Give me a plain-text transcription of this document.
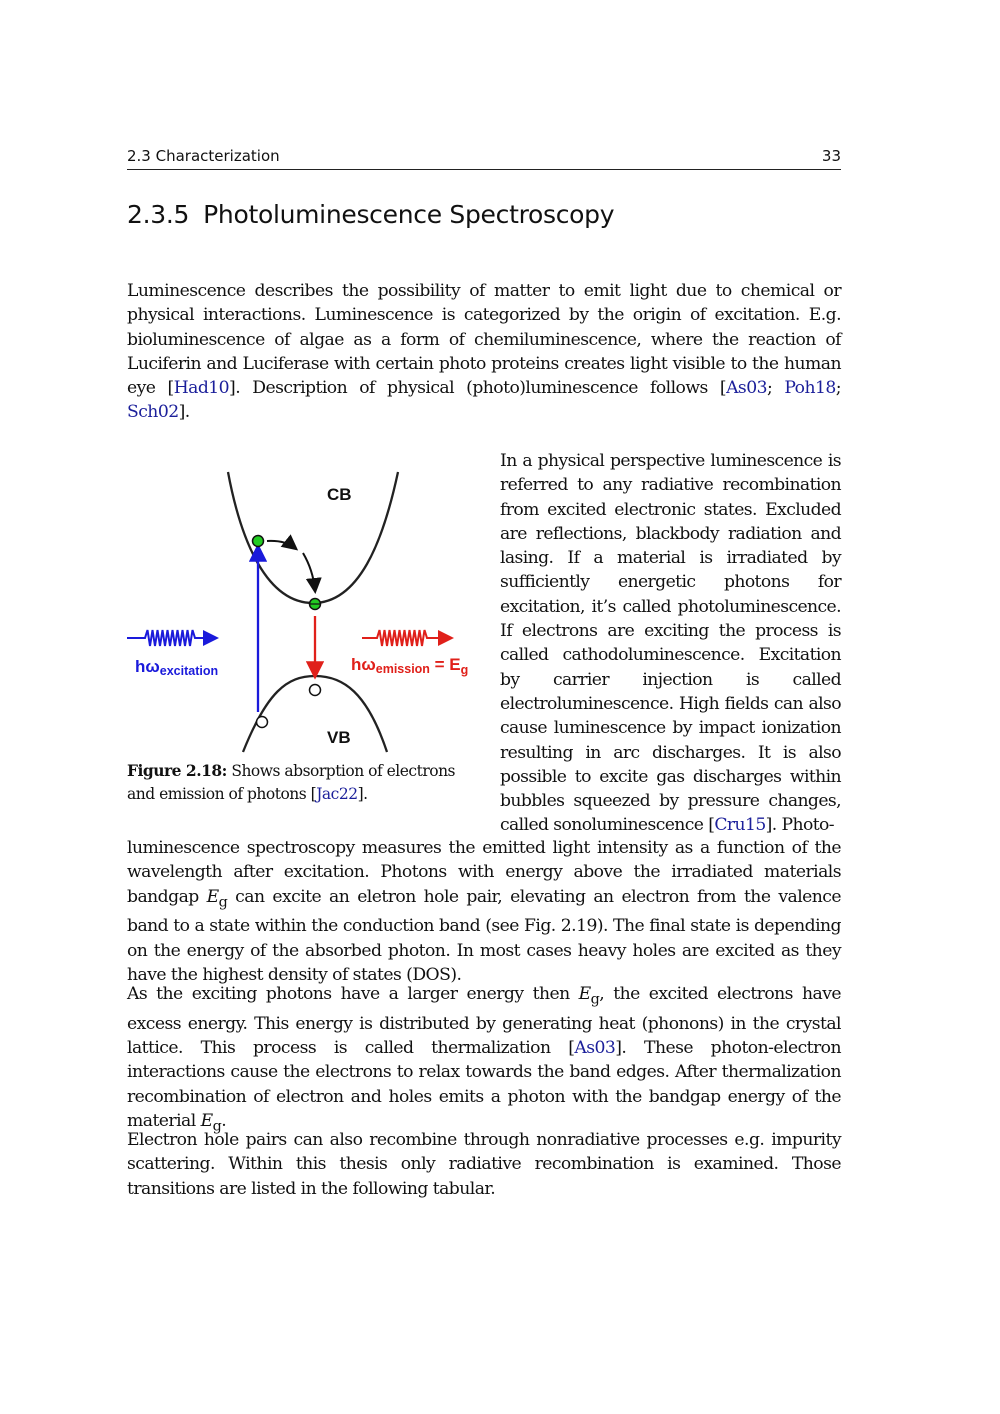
2.3 Characterization	33
2.3.5 Photoluminescence Spectroscopy

Luminescence describes the possibility of matter to emit light due to chemical or physical interactions. Luminescence is categorized by the origin of excitation. E.g. bioluminescence of algae as a form of chemiluminescence, where the reaction of Luciferin and Luciferase with certain photo proteins creates light visible to the human eye [Had10]. Description of physical (photo)luminescence follows [As03; Poh18; Sch02].

CB
VB
hωexcitation	hωemission = $E_g$

Figure 2.18: Shows absorption of electrons and emission of photons [Jac22].

In a physical perspective luminescence is referred to any radiative recombination from excited electronic states. Excluded are reflections, blackbody radiation and lasing. If a material is irradiated by sufficiently energetic photons for excitation, it’s called photoluminescence. If electrons are exciting the process is called cathodoluminescence. Excitation by carrier injection is called electroluminescence. High fields can also cause luminescence by impact ionization resulting in arc discharges. It is also possible to excite gas discharges within bubbles squeezed by pressure changes, called sonoluminescence [Cru15]. Photo-

luminescence spectroscopy measures the emitted light intensity as a function of the wavelength after excitation. Photons with energy above the irradiated materials bandgap $E_g$ can excite an eletron hole pair, elevating an electron from the valence band to a state within the conduction band (see Fig. 2.19). The final state is depending on the energy of the absorbed photon. In most cases heavy holes are excited as they have the highest density of states (DOS).

As the exciting photons have a larger energy then $E_g$, the excited electrons have excess energy. This energy is distributed by generating heat (phonons) in the crystal lattice. This process is called thermalization [As03]. These photon-electron interactions cause the electrons to relax towards the band edges. After thermalization recombination of electron and holes emits a photon with the bandgap energy of the material $E_g$.

Electron hole pairs can also recombine through nonradiative processes e.g. impurity scattering. Within this thesis only radiative recombination is examined. Those transitions are listed in the following tabular.
